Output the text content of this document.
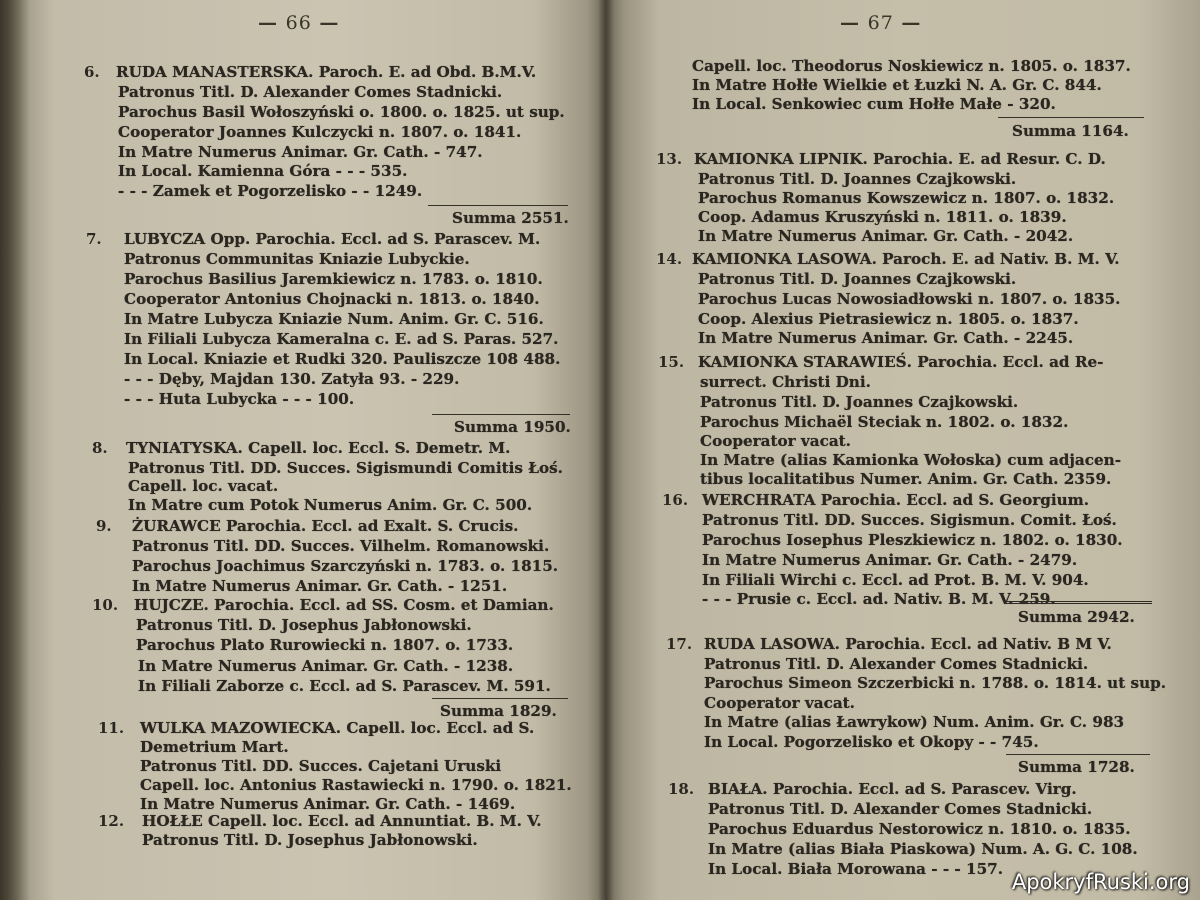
— 66 —
6. RUDA MANASTERSKA. Paroch. E. ad Obd. B.M.V.
Patronus Titl. D. Alexander Comes Stadnicki.
Parochus Basil Wołoszyński o. 1800. o. 1825. ut sup.
Cooperator Joannes Kulczycki n. 1807. o. 1841.
In Matre Numerus Animar. Gr. Cath. - 747.
In Local. Kamienna Góra - - - 535.
- - - Zamek et Pogorzelisko - - 1249.
Summa 2551.
7. LUBYCZA Opp. Parochia. Eccl. ad S. Parascev. M.
Patronus Communitas Kniazie Lubyckie.
Parochus Basilius Jaremkiewicz n. 1783. o. 1810.
Cooperator Antonius Chojnacki n. 1813. o. 1840.
In Matre Lubycza Kniazie Num. Anim. Gr. C. 516.
In Filiali Lubycza Kameralna c. E. ad S. Paras. 527.
In Local. Kniazie et Rudki 320. Pauliszcze 108 488.
- - - Dęby, Majdan 130. Zatyła 93. - 229.
- - - Huta Lubycka - - - 100.
Summa 1950.
8. TYNIATYSKA. Capell. loc. Eccl. S. Demetr. M.
Patronus Titl. DD. Succes. Sigismundi Comitis Łoś.
Capell. loc. vacat.
In Matre cum Potok Numerus Anim. Gr. C. 500.
9. ŻURAWCE Parochia. Eccl. ad Exalt. S. Crucis.
Patronus Titl. DD. Succes. Vilhelm. Romanowski.
Parochus Joachimus Szarczyński n. 1783. o. 1815.
In Matre Numerus Animar. Gr. Cath. - 1251.
10. HUJCZE. Parochia. Eccl. ad SS. Cosm. et Damian.
Patronus Titl. D. Josephus Jabłonowski.
Parochus Plato Rurowiecki n. 1807. o. 1733.
In Matre Numerus Animar. Gr. Cath. - 1238.
In Filiali Zaborze c. Eccl. ad S. Parascev. M. 591.
Summa 1829.
11. WULKA MAZOWIECKA. Capell. loc. Eccl. ad S.
Demetrium Mart.
Patronus Titl. DD. Succes. Cajetani Uruski
Capell. loc. Antonius Rastawiecki n. 1790. o. 1821.
In Matre Numerus Animar. Gr. Cath. - 1469.
12. HOŁŁE Capell. loc. Eccl. ad Annuntiat. B. M. V.
Patronus Titl. D. Josephus Jabłonowski.
— 67 —
Capell. loc. Theodorus Noskiewicz n. 1805. o. 1837.
In Matre Hołłe Wielkie et Łuzki N. A. Gr. C. 844.
In Local. Senkowiec cum Hołłe Małe - 320.
Summa 1164.
13. KAMIONKA LIPNIK. Parochia. E. ad Resur. C. D.
Patronus Titl. D. Joannes Czajkowski.
Parochus Romanus Kowszewicz n. 1807. o. 1832.
Coop. Adamus Kruszyński n. 1811. o. 1839.
In Matre Numerus Animar. Gr. Cath. - 2042.
14. KAMIONKA LASOWA. Paroch. E. ad Nativ. B. M. V.
Patronus Titl. D. Joannes Czajkowski.
Parochus Lucas Nowosiadłowski n. 1807. o. 1835.
Coop. Alexius Pietrasiewicz n. 1805. o. 1837.
In Matre Numerus Animar. Gr. Cath. - 2245.
15. KAMIONKA STARAWIEŚ. Parochia. Eccl. ad Re-
surrect. Christi Dni.
Patronus Titl. D. Joannes Czajkowski.
Parochus Michaël Steciak n. 1802. o. 1832.
Cooperator vacat.
In Matre (alias Kamionka Wołoska) cum adjacen-
tibus localitatibus Numer. Anim. Gr. Cath. 2359.
16. WERCHRATA Parochia. Eccl. ad S. Georgium.
Patronus Titl. DD. Succes. Sigismun. Comit. Łoś.
Parochus Iosephus Pleszkiewicz n. 1802. o. 1830.
In Matre Numerus Animar. Gr. Cath. - 2479.
In Filiali Wirchi c. Eccl. ad Prot. B. M. V. 904.
- - - Prusie c. Eccl. ad. Nativ. B. M. V. 259.
Summa 2942.
17. RUDA LASOWA. Parochia. Eccl. ad Nativ. B M V.
Patronus Titl. D. Alexander Comes Stadnicki.
Parochus Simeon Szczerbicki n. 1788. o. 1814. ut sup.
Cooperator vacat.
In Matre (alias Ławrykow) Num. Anim. Gr. C. 983
In Local. Pogorzelisko et Okopy - - 745.
Summa 1728.
18. BIAŁA. Parochia. Eccl. ad S. Parascev. Virg.
Patronus Titl. D. Alexander Comes Stadnicki.
Parochus Eduardus Nestorowicz n. 1810. o. 1835.
In Matre (alias Biała Piaskowa) Num. A. G. C. 108.
In Local. Biała Morowana - - - 157.
ApokryfRuski.org
